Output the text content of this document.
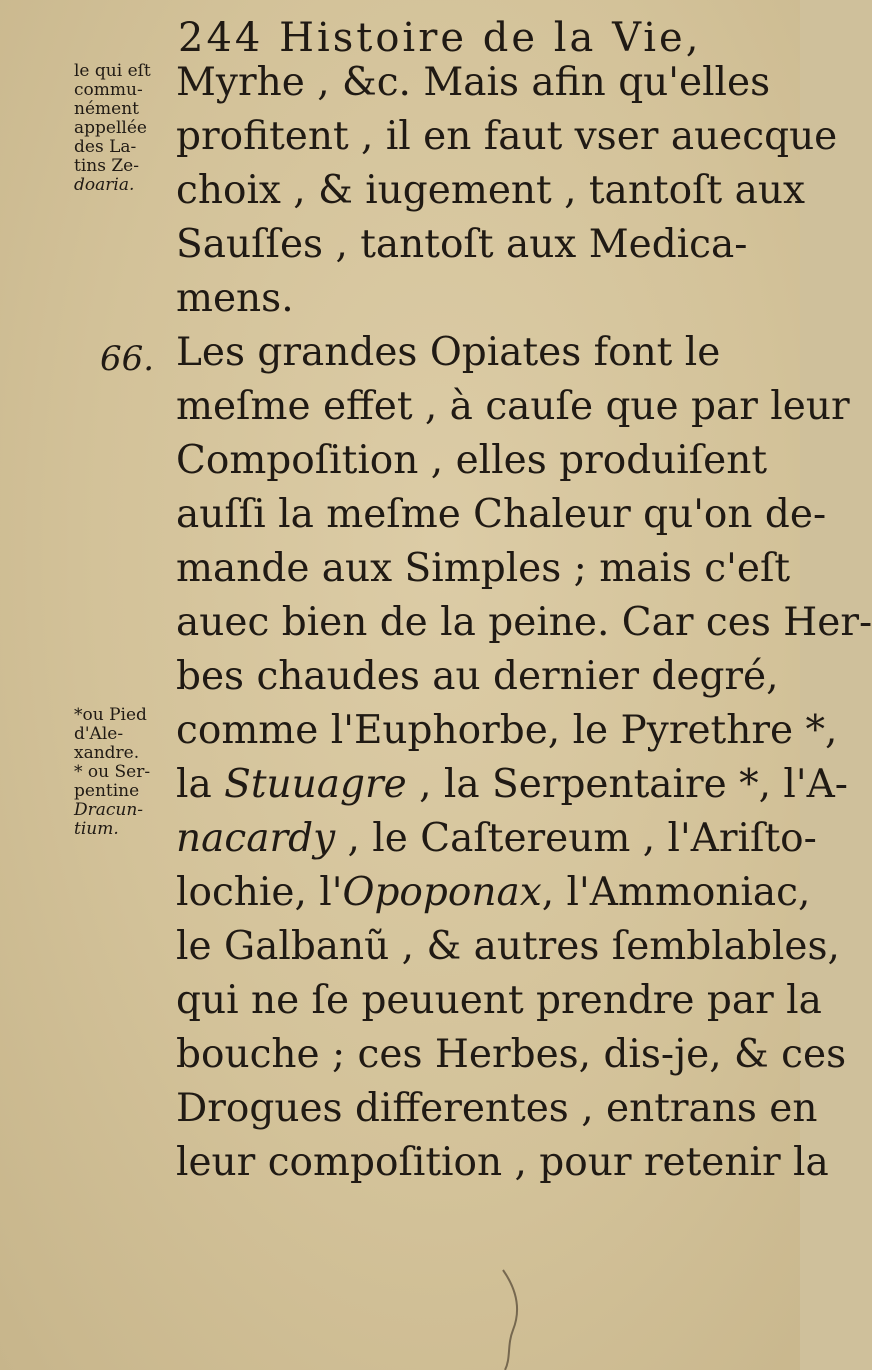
244 Histoire de la Vie,
le qui eſt
commu-
nément
appellée
des La-
tins Ze-
doaria.
66.
Myrhe , &c. Mais afin qu'elles
profitent , il en faut vser auecque
choix , & iugement , tantoſt aux
Sauſſes , tantoſt aux Medica-
mens.
Les grandes Opiates font le
meſme effet , à cauſe que par leur
Compoſition , elles produiſent
auſſi la meſme Chaleur qu'on de-
mande aux Simples ; mais c'eſt
auec bien de la peine. Car ces Her-
bes chaudes au dernier degré,
comme l'Euphorbe, le Pyrethre *,
la Stuuagre , la Serpentaire *, l'A-
nacardy , le Caſtereum , l'Ariſto-
lochie, l'Opoponax, l'Ammoniac,
le Galbanũ , & autres ſemblables,
qui ne ſe peuuent prendre par la
bouche ; ces Herbes, dis-je, & ces
Drogues differentes , entrans en
leur compoſition , pour retenir la
*ou Pied
d'Ale-
xandre.
* ou Ser-
pentine
Dracun-
tium.
